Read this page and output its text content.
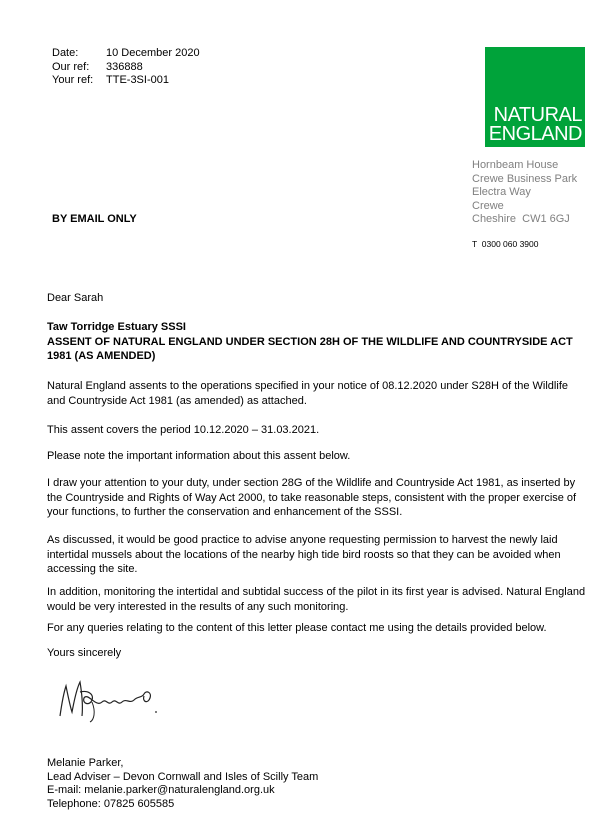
Date:	10 December 2020
Our ref:	336888
Your ref:	TTE-3SI-001
NATURAL
ENGLAND
Hornbeam House
Crewe Business Park
Electra Way
Crewe
Cheshire  CW1 6GJ
T  0300 060 3900
BY EMAIL ONLY
Dear Sarah
Taw Torridge Estuary SSSI
ASSENT OF NATURAL ENGLAND UNDER SECTION 28H OF THE WILDLIFE AND COUNTRYSIDE ACT 1981 (AS AMENDED)
Natural England assents to the operations specified in your notice of 08.12.2020 under S28H of the Wildlife and Countryside Act 1981 (as amended) as attached.
This assent covers the period 10.12.2020 – 31.03.2021.
Please note the important information about this assent below.
I draw your attention to your duty, under section 28G of the Wildlife and Countryside Act 1981, as inserted by the Countryside and Rights of Way Act 2000, to take reasonable steps, consistent with the proper exercise of your functions, to further the conservation and enhancement of the SSSI.
As discussed, it would be good practice to advise anyone requesting permission to harvest the newly laid intertidal mussels about the locations of the nearby high tide bird roosts so that they can be avoided when accessing the site.
In addition, monitoring the intertidal and subtidal success of the pilot in its first year is advised. Natural England would be very interested in the results of any such monitoring.
For any queries relating to the content of this letter please contact me using the details provided below.
Yours sincerely
Melanie Parker,
Lead Adviser – Devon Cornwall and Isles of Scilly Team
E-mail: melanie.parker@naturalengland.org.uk
Telephone: 07825 605585
